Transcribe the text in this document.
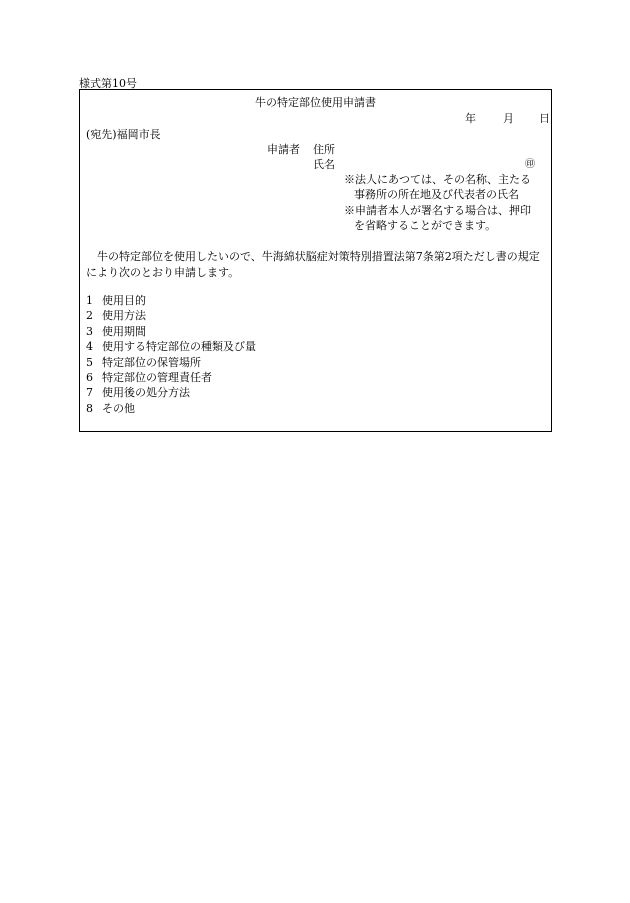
様式第10号
牛の特定部位使用申請書
年 月 日
(宛先)福岡市長
申請者 住所
氏名	㊞
※法人にあつては、その名称、主たる
事務所の所在地及び代表者の氏名
※申請者本人が署名する場合は、押印
を省略することができます。
　牛の特定部位を使用したいので、牛海綿状脳症対策特別措置法第7条第2項ただし書の規定により次のとおり申請します。
1 使用目的
2 使用方法
3 使用期間
4 使用する特定部位の種類及び量
5 特定部位の保管場所
6 特定部位の管理責任者
7 使用後の処分方法
8 その他
